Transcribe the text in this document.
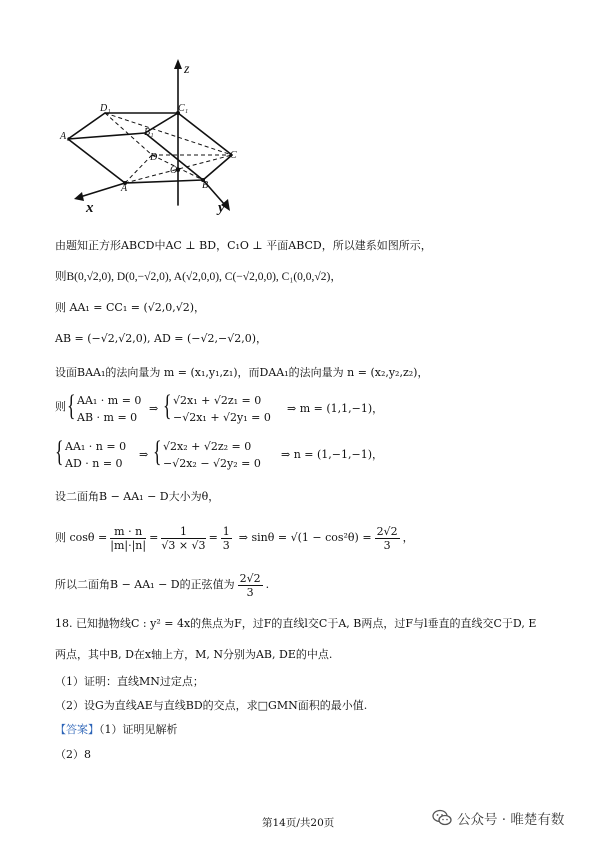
z
x	y
D₁	C₁
A₁	B₁
D
O
C
A	B
由题知正方形ABCD中AC ⊥ BD，C₁O ⊥ 平面ABCD，所以建系如图所示，
则B(0,√2,0), D(0,−√2,0), A(√2,0,0), C(−√2,0,0), C₁(0,0,√2)，
则 AA₁ = CC₁ = (√2,0,√2)，
AB = (−√2,√2,0), AD = (−√2,−√2,0)，
设面BAA₁的法向量为 m = (x₁,y₁,z₁)，而DAA₁的法向量为 n = (x₂,y₂,z₂)，
则 { AA₁ · m = 0
AB · m = 0
⇒ { √2x₁ + √2z₁ = 0
−√2x₁ + √2y₁ = 0
⇒ m = (1,1,−1)，
{ AA₁ · n = 0
AD · n = 0
⇒ { √2x₂ + √2z₂ = 0
−√2x₂ − √2y₂ = 0
⇒ n = (1,−1,−1)，
设二面角B − AA₁ − D大小为θ，
则 $\cos\theta = \frac{m \cdot n}{|m|\cdot|n|} = \frac{1}{√3 \times √3} = \frac{1}{3}$ ⇒ $\sin\theta = √(1 - \cos^2\theta) = \frac{2√2}{3}$ ，
所以二面角B − AA₁ − D的正弦值为 $\frac{2√2}{3}$ .
18. 已知抛物线C : y² = 4x的焦点为F，过F的直线l交C于A, B两点，过F与l垂直的直线交C于D, E
两点，其中B, D在x轴上方，M, N分别为AB, DE的中点.
（1）证明：直线MN过定点；
（2）设G为直线AE与直线BD的交点，求□GMN面积的最小值.
【答案】（1）证明见解析
（2）8
第14页/共20页	公众号 · 唯楚有数
